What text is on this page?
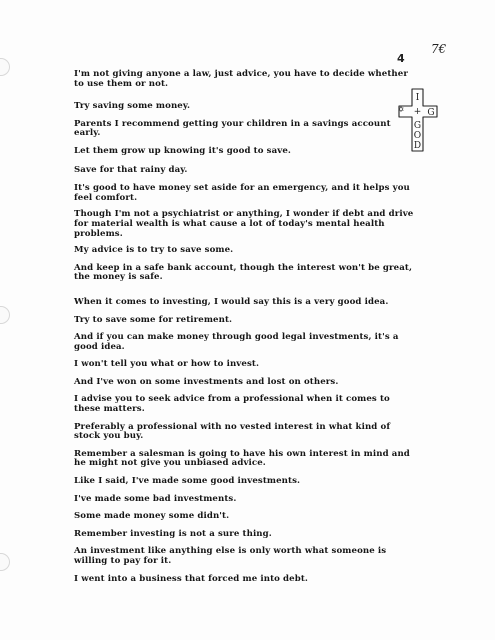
4
7€
I
+ G
G
O
D
✡
I'm not giving anyone a law, just advice, you have to decide whether to use them or not.
Try saving some money.
Parents I recommend getting your children in a savings account early.
Let them grow up knowing it's good to save.
Save for that rainy day.
It's good to have money set aside for an emergency, and it helps you feel comfort.
Though I'm not a psychiatrist or anything, I wonder if debt and drive for material wealth is what cause a lot of today's mental health problems.
My advice is to try to save some.
And keep in a safe bank account, though the interest won't be great, the money is safe.
When it comes to investing, I would say this is a very good idea.
Try to save some for retirement.
And if you can make money through good legal investments, it's a good idea.
I won't tell you what or how to invest.
And I've won on some investments and lost on others.
I advise you to seek advice from a professional when it comes to these matters.
Preferably a professional with no vested interest in what kind of stock you buy.
Remember a salesman is going to have his own interest in mind and he might not give you unbiased advice.
Like I said, I've made some good investments.
I've made some bad investments.
Some made money some didn't.
Remember investing is not a sure thing.
An investment like anything else is only worth what someone is willing to pay for it.
I went into a business that forced me into debt.
